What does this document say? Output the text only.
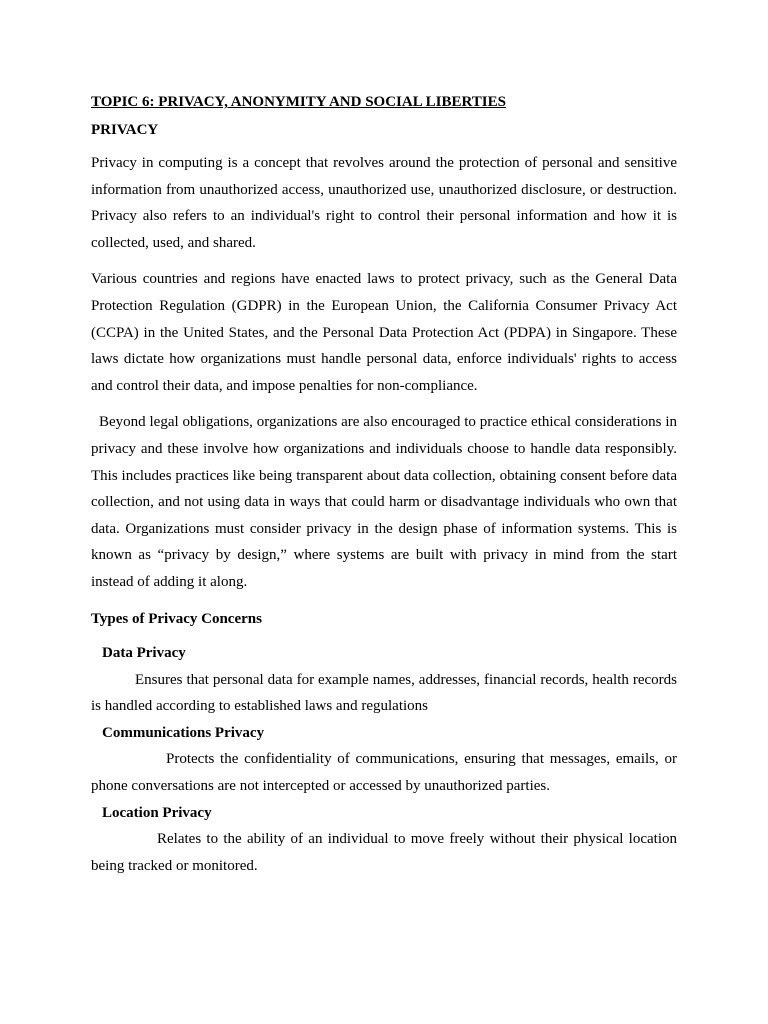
TOPIC 6: PRIVACY, ANONYMITY AND SOCIAL LIBERTIES
PRIVACY

Privacy in computing is a concept that revolves around the protection of personal and sensitive information from unauthorized access, unauthorized use, unauthorized disclosure, or destruction. Privacy also refers to an individual's right to control their personal information and how it is collected, used, and shared.

Various countries and regions have enacted laws to protect privacy, such as the General Data Protection Regulation (GDPR) in the European Union, the California Consumer Privacy Act (CCPA) in the United States, and the Personal Data Protection Act (PDPA) in Singapore. These laws dictate how organizations must handle personal data, enforce individuals' rights to access and control their data, and impose penalties for non-compliance.

Beyond legal obligations, organizations are also encouraged to practice ethical considerations in privacy and these involve how organizations and individuals choose to handle data responsibly. This includes practices like being transparent about data collection, obtaining consent before data collection, and not using data in ways that could harm or disadvantage individuals who own that data. Organizations must consider privacy in the design phase of information systems. This is known as “privacy by design,” where systems are built with privacy in mind from the start instead of adding it along.

Types of Privacy Concerns
Data Privacy

Ensures that personal data for example names, addresses, financial records, health records is handled according to established laws and regulations

Communications Privacy

Protects the confidentiality of communications, ensuring that messages, emails, or phone conversations are not intercepted or accessed by unauthorized parties.

Location Privacy

Relates to the ability of an individual to move freely without their physical location being tracked or monitored.
